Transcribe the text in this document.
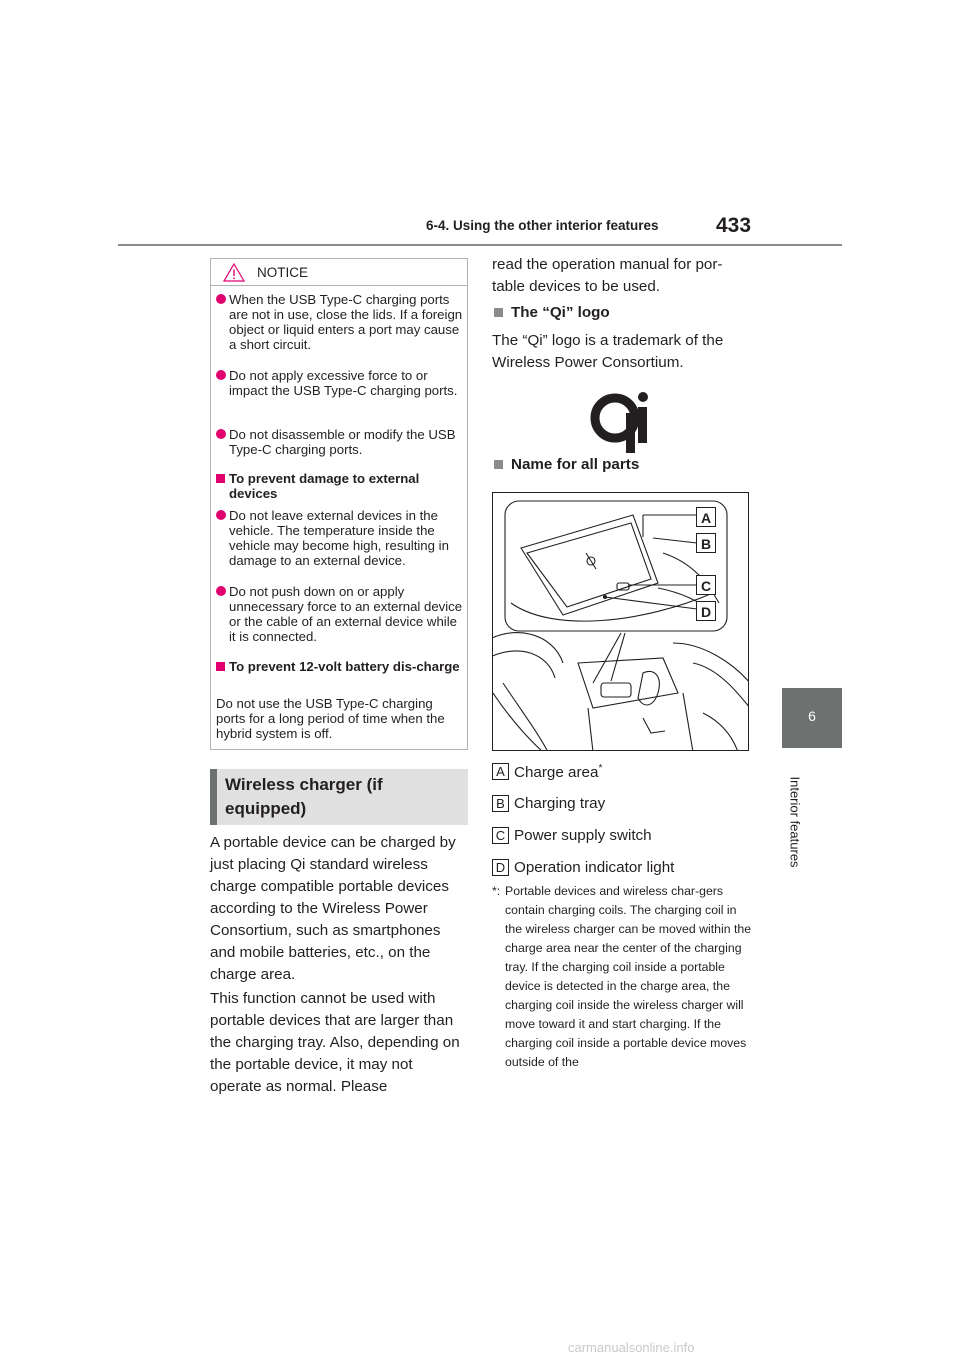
6-4. Using the other interior features	433
6
Interior features
NOTICE
When the USB Type-C charging ports are not in use, close the lids. If a foreign object or liquid enters a port may cause a short circuit.
Do not apply excessive force to or impact the USB Type-C charging ports.
Do not disassemble or modify the USB Type-C charging ports.
To prevent damage to external devices
Do not leave external devices in the vehicle. The temperature inside the vehicle may become high, resulting in damage to an external device.
Do not push down on or apply unnecessary force to an external device or the cable of an external device while it is connected.
To prevent 12-volt battery dis-charge
Do not use the USB Type-C charging ports for a long period of time when the hybrid system is off.
Wireless charger (if equipped)
A portable device can be charged by just placing Qi standard wireless charge compatible portable devices according to the Wireless Power Consortium, such as smartphones and mobile batteries, etc., on the charge area.
This function cannot be used with portable devices that are larger than the charging tray. Also, depending on the portable device, it may not operate as normal. Please
read the operation manual for por-table devices to be used.
The “Qi” logo
The “Qi” logo is a trademark of the Wireless Power Consortium.
Name for all parts
A
B
C
D
A Charge area*
B Charging tray
C Power supply switch
D Operation indicator light
*: Portable devices and wireless char-gers contain charging coils. The charging coil in the wireless charger can be moved within the charge area near the center of the charging tray. If the charging coil inside a portable device is detected in the charge area, the charging coil inside the wireless charger will move toward it and start charging. If the charging coil inside a portable device moves outside of the
carmanualsonline.info
